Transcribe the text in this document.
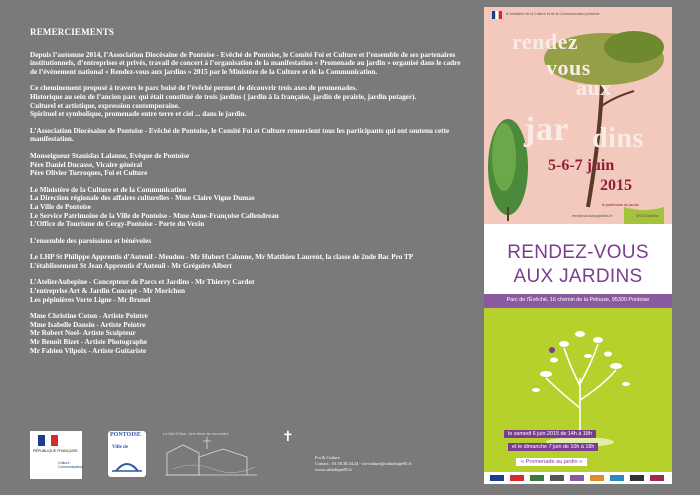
REMERCIEMENTS
Depuis l’automne 2014, l’Association Diocésaine de Pontoise - Evêché de Pontoise, le Comité Foi et Culture et l’ensemble de ses partenaires institutionnels, d’entreprises et privés, travail de concert à l’organisation de la manifestation « Promenade au jardin » organisé dans le cadre de l’évènement national « Rendez-vous aux jardins » 2015 par le Ministère de la Culture et de la Communication.
Ce cheminement proposé à travers le parc boisé de l’évêché permet de découvrir trois axes de promenades.
Historique au sein de l’ancien parc qui était constitué de trois jardins ( jardin à la française, jardin de prairie, jardin potager).
Culturel et artistique, expression contemporaine.
Spirituel et symbolique, promenade entre terre et ciel ... dans le jardin.
L’Association Diocésaine de Pontoise - Evêché de Pontoise, le Comité Foi et Culture remercient tous les participants qui ont soutenu cette manifestation.
Monseigneur Stanislas Lalanne, Evêque de Pontoise
Père Daniel Ducasse, Vicaire général
Père Olivier Turroques, Foi et Culture
Le Ministère de la Culture et de la Communication
La Direction régionale des affaires culturelles - Mme Claire Vigne Dumas
La Ville de Pontoise
Le Service Patrimoine de la Ville de Pontoise - Mme Anne-Françoise Callendreau
L’Office de Tourisme de Cergy-Pontoise - Porte du Vexin
L’ensemble des paroissiens et bénévoles
Le LHP St Philippe Apprentis d’Auteuil - Meudon - Mr Hubert Calonne, Mr Matthieu Laurent, la classe de 2nde Bac Pro TP
L’établissement St Jean Apprentis d’Auteuil - Mr Grégoire Albert
L’AtelierAubepine - Concepteur de Parcs et Jardins - Mr Thierry Cardot
L’entreprise Art & Jardin Concept - Mr Morichon
Les pépinières Verte Ligne - Mr Brunel
Mme Christine Coton - Artiste Peintre
Mme Isabelle Dansin - Artiste Peintre
Mr Robert Noel- Artiste Sculpteur
Mr Benoît Bizet - Artiste Photographe
Mr Fabien Vilpoix - Artiste Guitariste
RÉPUBLIQUE FRANÇAISE
Culture Communication
PONTOISE
Ville de
Le fait d'Oise, Une terre de rencontre	✝
Foi & Culture
Contact : 01.30.38.34.24 - foi-culture@catholique95.fr
www.catholique95.fr
le ministère de la Culture et de la Communication présente
rendez
vous
aux
jar dins
5-6-7 juin
2015
le partenaire du jardin
rendezvousauxjardins.fr	#RDVJardins
RENDEZ-VOUS
AUX JARDINS
Parc de l'Évêché, 16 chemin de la Pelouse, 95300 Pontoise
le samedi 6 juin 2015 de 14h à 18h
et le dimanche 7 juin de 10h à 18h
« Promenade au jardin »
